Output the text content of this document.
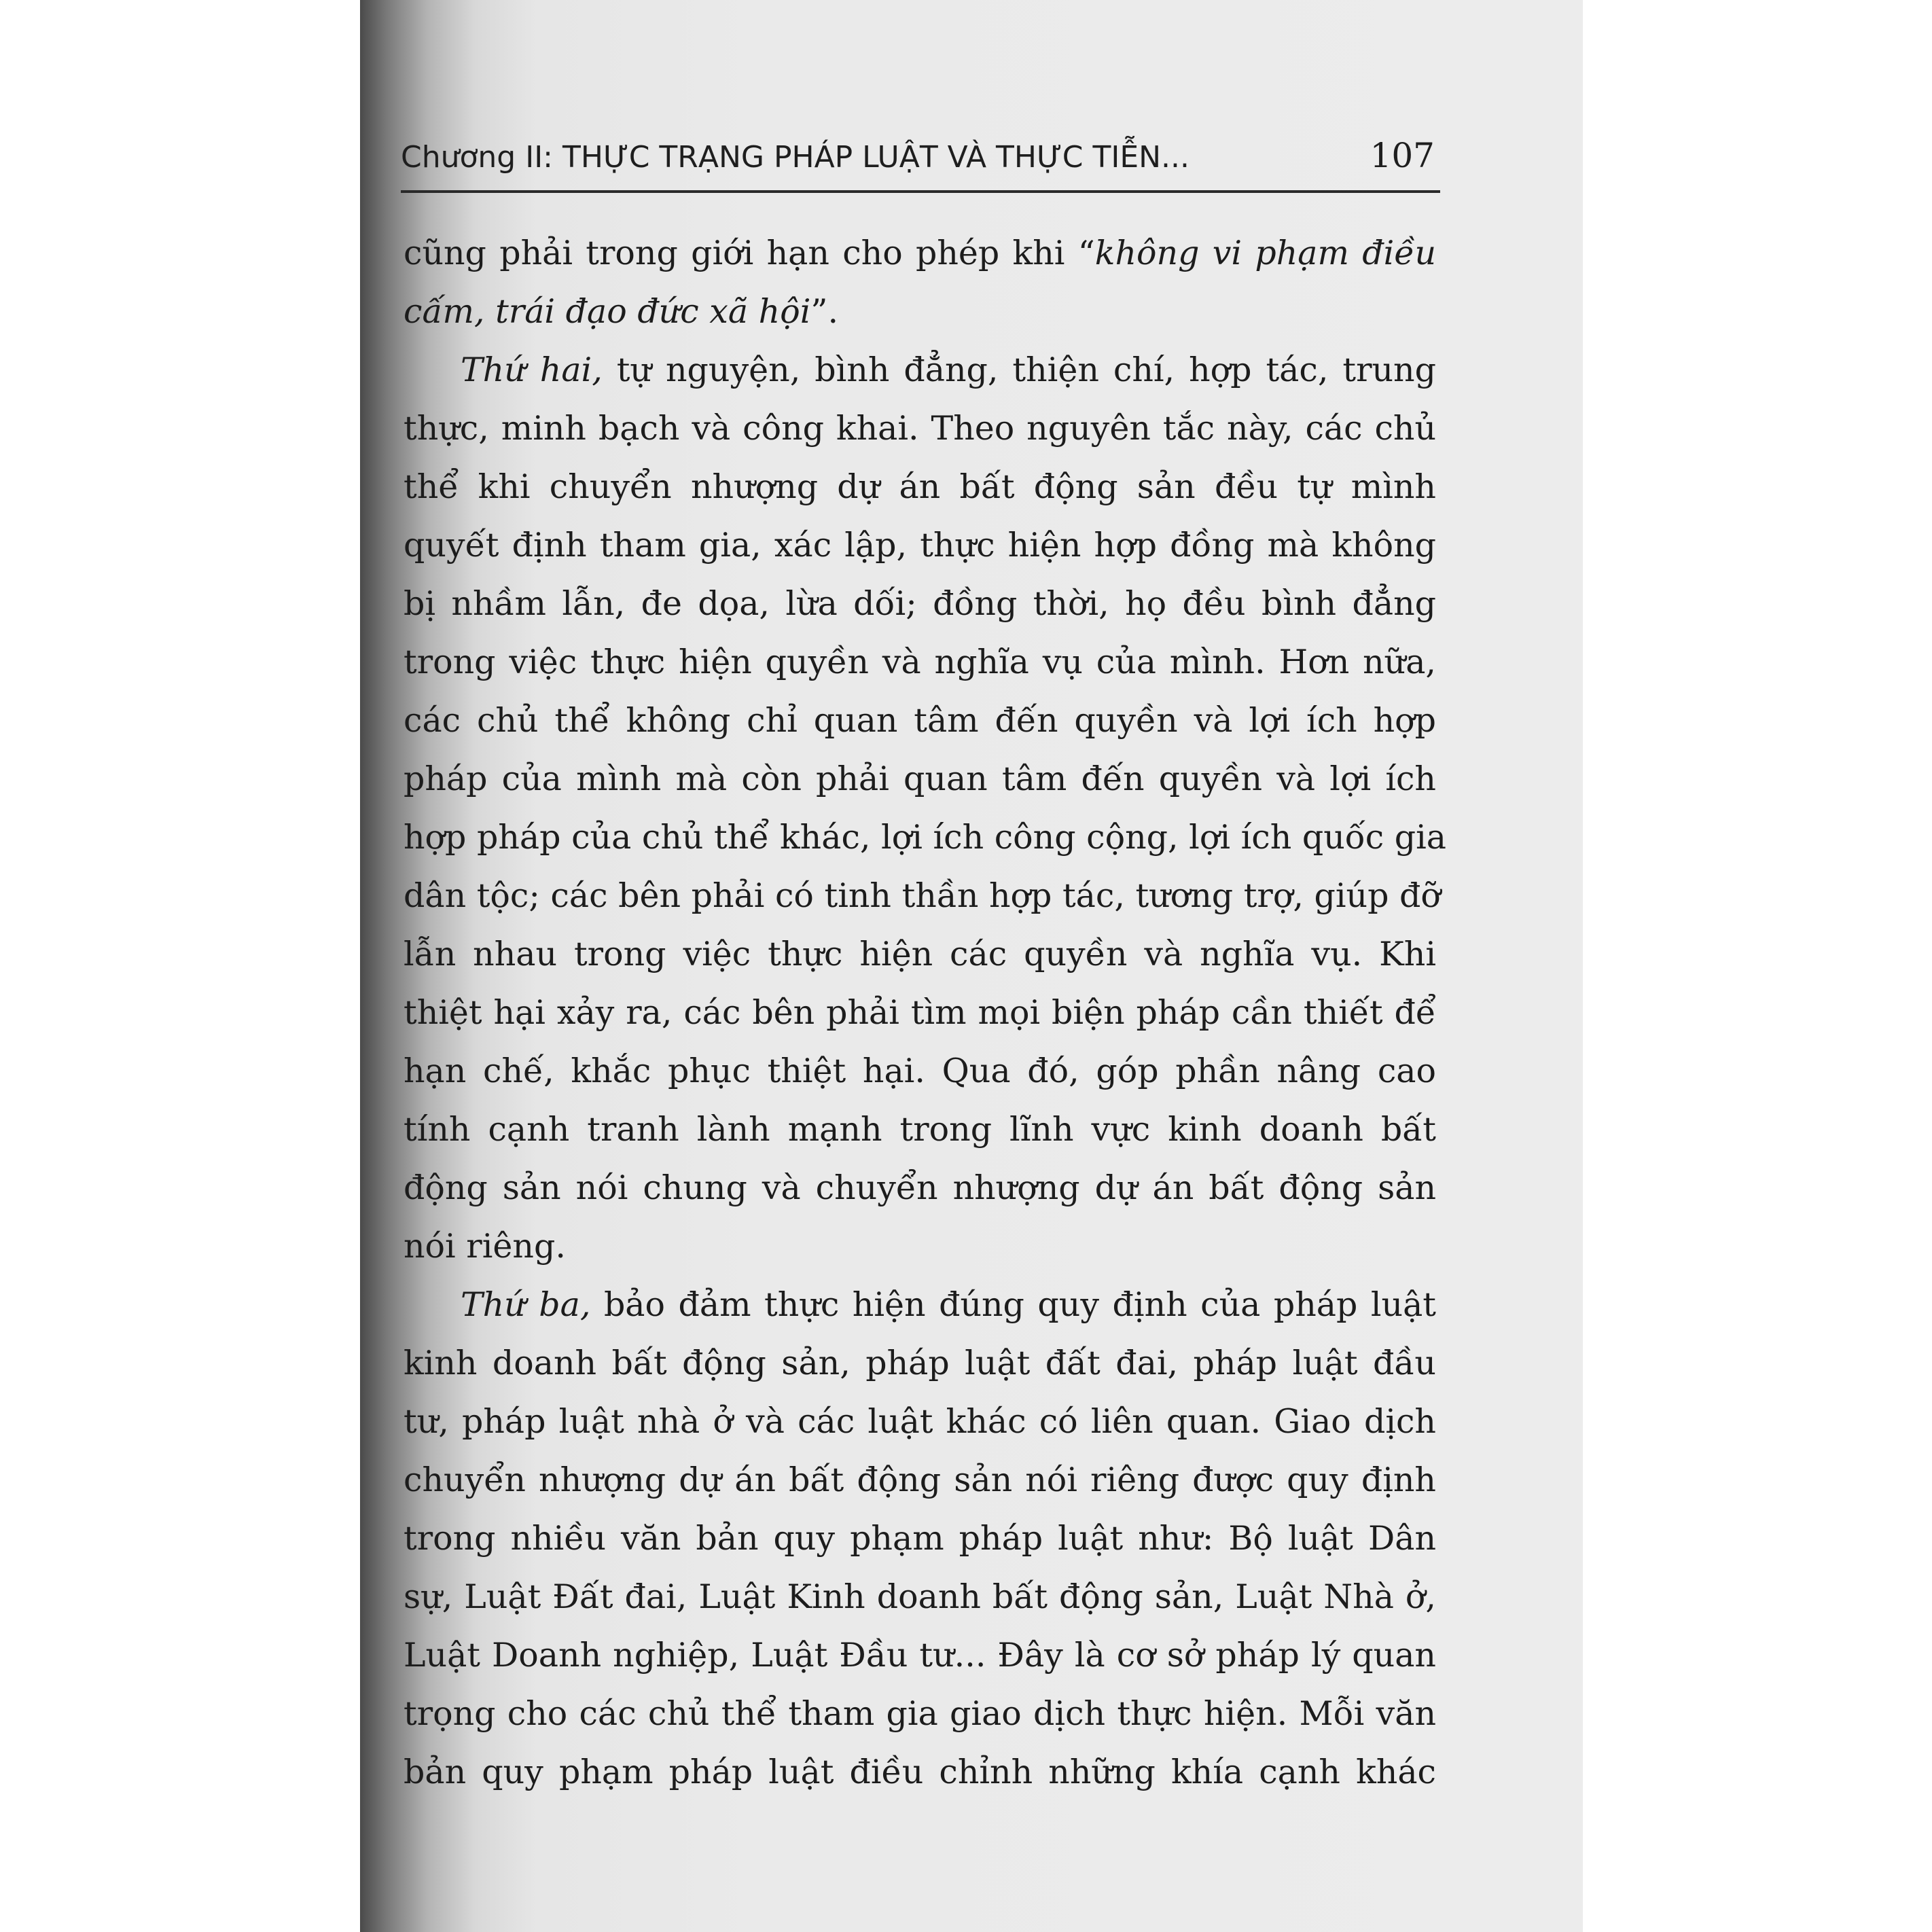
Chương II: THỰC TRẠNG PHÁP LUẬT VÀ THỰC TIỄN...	107
cũng phải trong giới hạn cho phép khi “không vi phạm điều
cấm, trái đạo đức xã hội”.
Thứ hai, tự nguyện, bình đẳng, thiện chí, hợp tác, trung
thực, minh bạch và công khai. Theo nguyên tắc này, các chủ
thể khi chuyển nhượng dự án bất động sản đều tự mình
quyết định tham gia, xác lập, thực hiện hợp đồng mà không
bị nhầm lẫn, đe dọa, lừa dối; đồng thời, họ đều bình đẳng
trong việc thực hiện quyền và nghĩa vụ của mình. Hơn nữa,
các chủ thể không chỉ quan tâm đến quyền và lợi ích hợp
pháp của mình mà còn phải quan tâm đến quyền và lợi ích
hợp pháp của chủ thể khác, lợi ích công cộng, lợi ích quốc gia
dân tộc; các bên phải có tinh thần hợp tác, tương trợ, giúp đỡ
lẫn nhau trong việc thực hiện các quyền và nghĩa vụ. Khi
thiệt hại xảy ra, các bên phải tìm mọi biện pháp cần thiết để
hạn chế, khắc phục thiệt hại. Qua đó, góp phần nâng cao
tính cạnh tranh lành mạnh trong lĩnh vực kinh doanh bất
động sản nói chung và chuyển nhượng dự án bất động sản
nói riêng.
Thứ ba, bảo đảm thực hiện đúng quy định của pháp luật
kinh doanh bất động sản, pháp luật đất đai, pháp luật đầu
tư, pháp luật nhà ở và các luật khác có liên quan. Giao dịch
chuyển nhượng dự án bất động sản nói riêng được quy định
trong nhiều văn bản quy phạm pháp luật như: Bộ luật Dân
sự, Luật Đất đai, Luật Kinh doanh bất động sản, Luật Nhà ở,
Luật Doanh nghiệp, Luật Đầu tư... Đây là cơ sở pháp lý quan
trọng cho các chủ thể tham gia giao dịch thực hiện. Mỗi văn
bản quy phạm pháp luật điều chỉnh những khía cạnh khác
